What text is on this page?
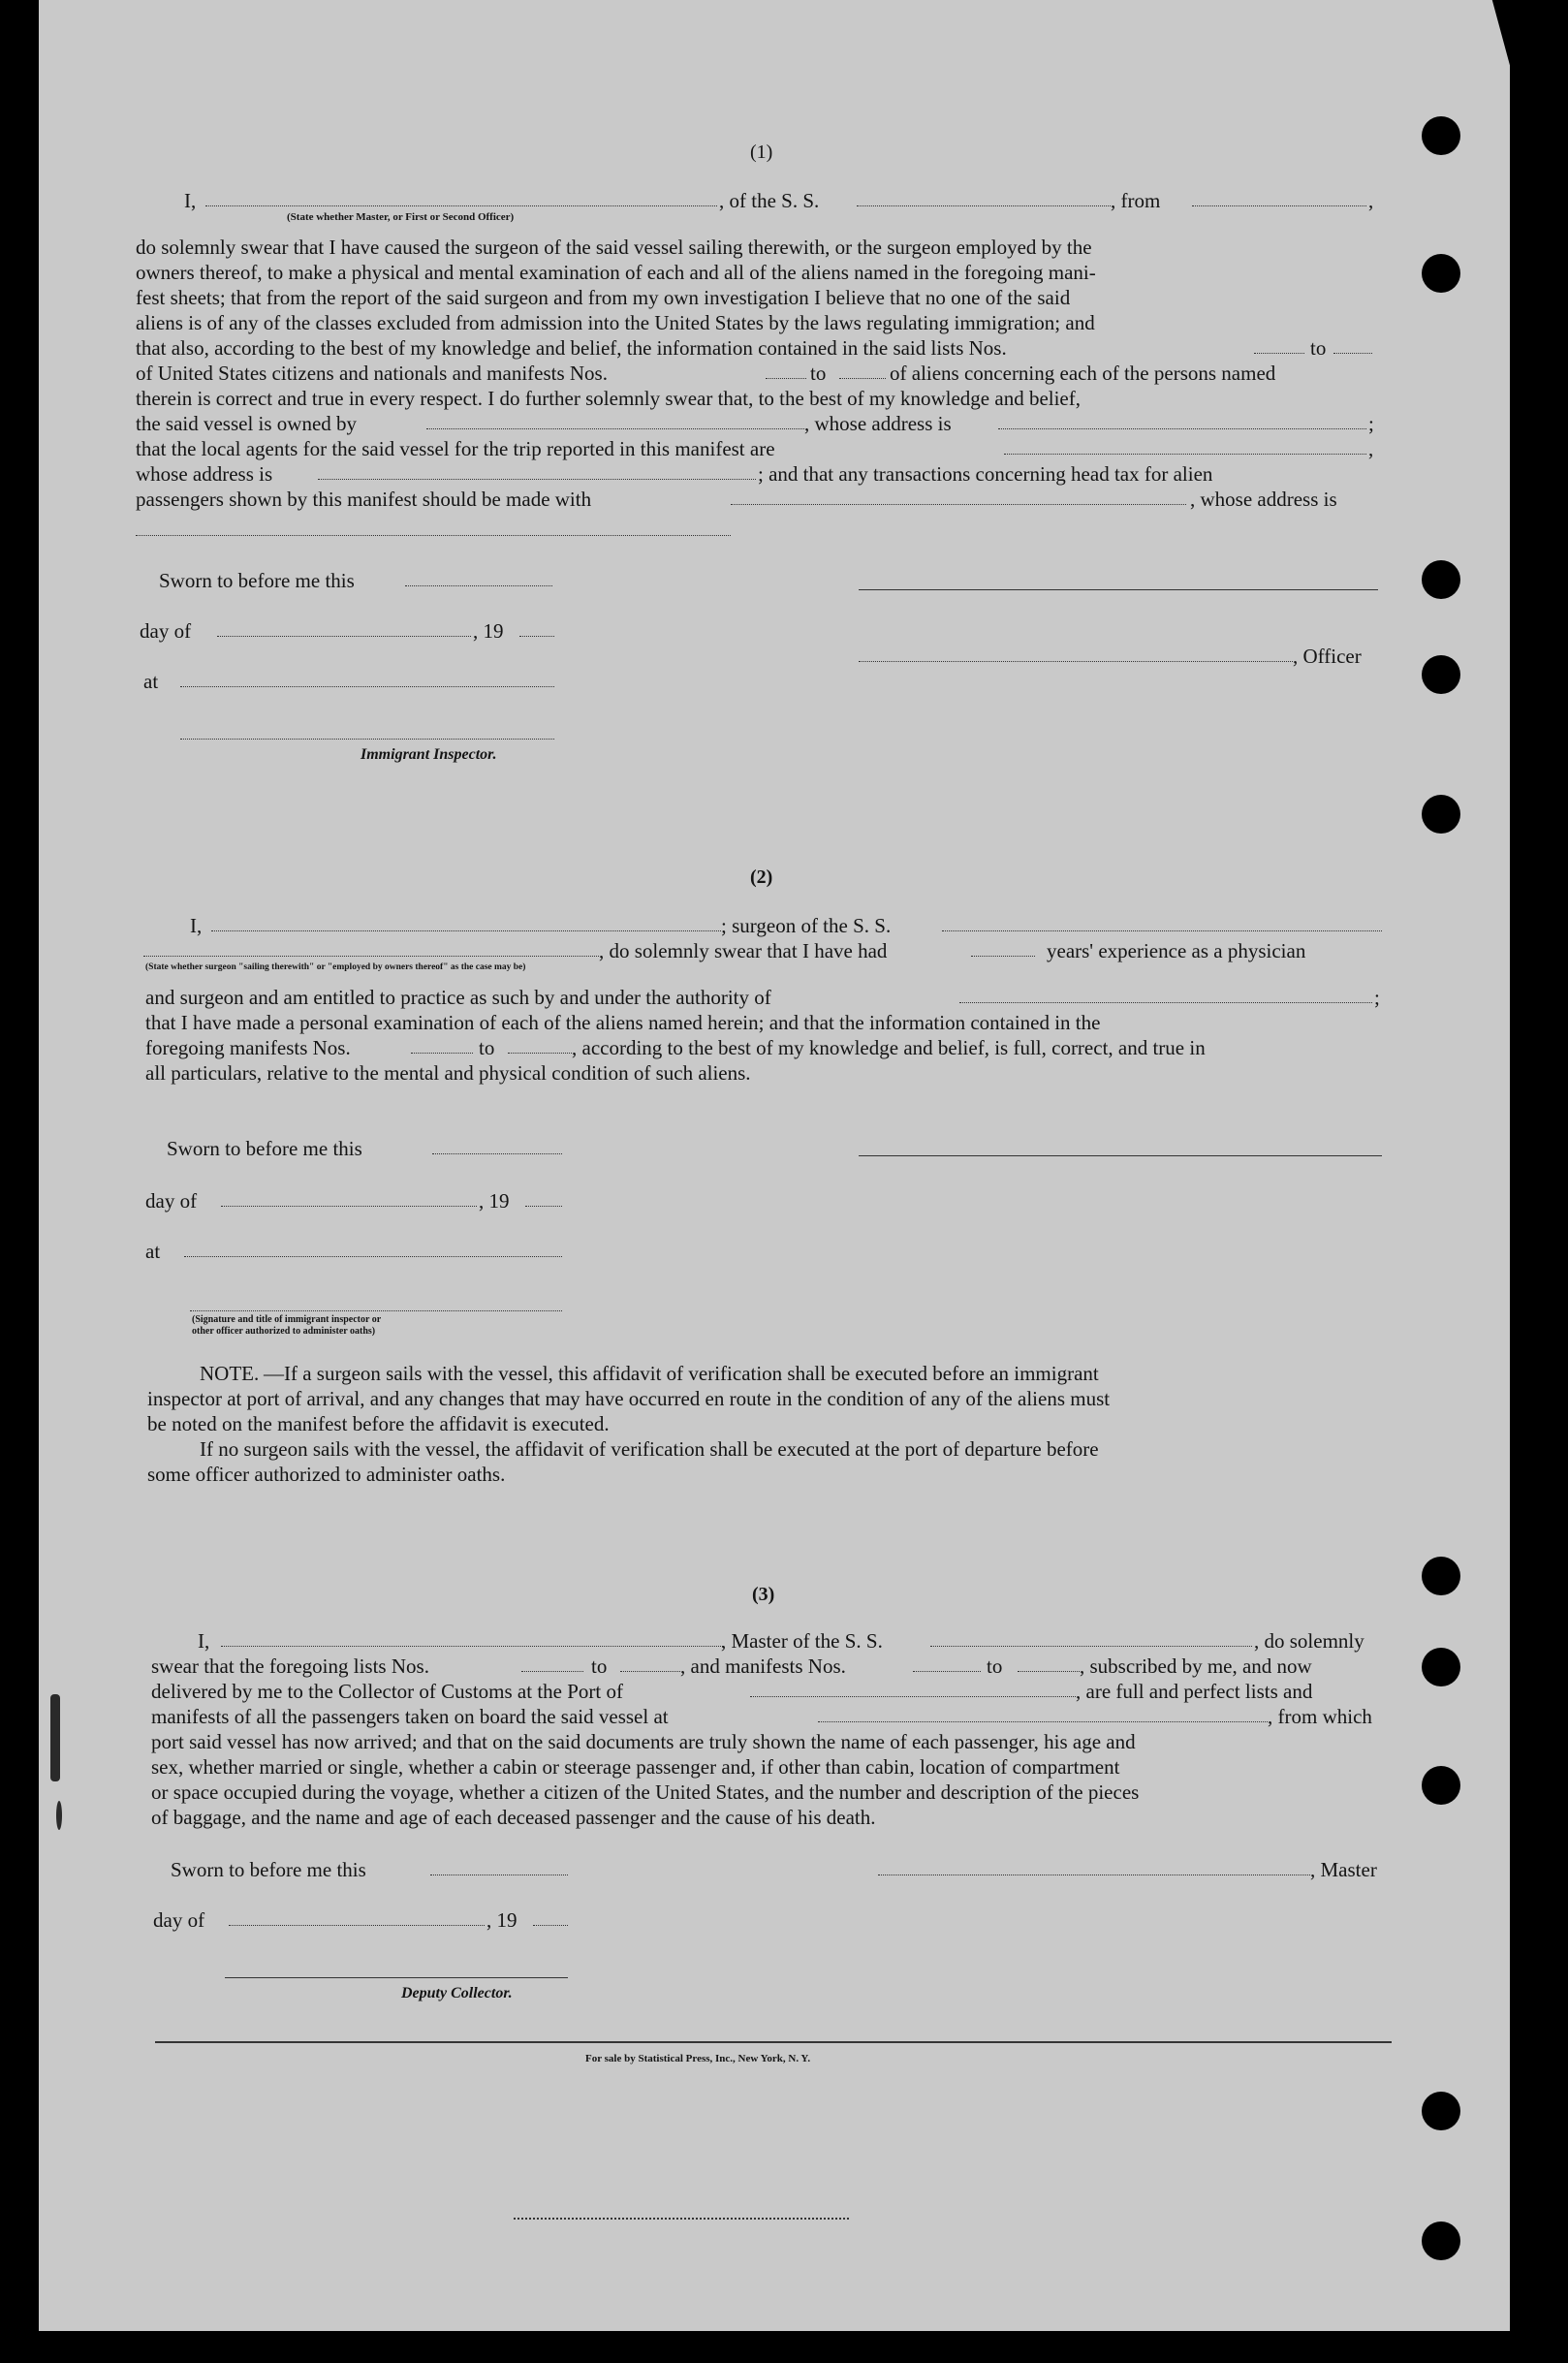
(1)
I,
(State whether Master, or First or Second Officer)
, of the S. S.	, from	,
do solemnly swear that I have caused the surgeon of the said vessel sailing therewith, or the surgeon employed by the
owners thereof, to make a physical and mental examination of each and all of the aliens named in the foregoing mani-
fest sheets; that from the report of the said surgeon and from my own investigation I believe that no one of the said
aliens is of any of the classes excluded from admission into the United States by the laws regulating immigration; and
that also, according to the best of my knowledge and belief, the information contained in the said lists Nos.	to
of United States citizens and nationals and manifests Nos.	to	of aliens concerning each of the persons named
therein is correct and true in every respect. I do further solemnly swear that, to the best of my knowledge and belief,
the said vessel is owned by	, whose address is	;
that the local agents for the said vessel for the trip reported in this manifest are	,
whose address is	; and that any transactions concerning head tax for alien
passengers shown by this manifest should be made with	, whose address is
Sworn to before me this
day of	, 19
, Officer
at
Immigrant Inspector.
(2)
I,	; surgeon of the S. S.
, do solemnly swear that I have had	years' experience as a physician
(State whether surgeon "sailing therewith" or "employed by owners thereof" as the case may be)
and surgeon and am entitled to practice as such by and under the authority of	;
that I have made a personal examination of each of the aliens named herein; and that the information contained in the
foregoing manifests Nos.	to	, according to the best of my knowledge and belief, is full, correct, and true in
all particulars, relative to the mental and physical condition of such aliens.
Sworn to before me this
day of	, 19
at
(Signature and title of immigrant inspector or
other officer authorized to administer oaths)
NOTE. —If a surgeon sails with the vessel, this affidavit of verification shall be executed before an immigrant
inspector at port of arrival, and any changes that may have occurred en route in the condition of any of the aliens must
be noted on the manifest before the affidavit is executed.
If no surgeon sails with the vessel, the affidavit of verification shall be executed at the port of departure before
some officer authorized to administer oaths.
(3)
I,	, Master of the S. S.	, do solemnly
swear that the foregoing lists Nos.	to	, and manifests Nos.	to	, subscribed by me, and now
delivered by me to the Collector of Customs at the Port of	, are full and perfect lists and
manifests of all the passengers taken on board the said vessel at	, from which
port said vessel has now arrived; and that on the said documents are truly shown the name of each passenger, his age and
sex, whether married or single, whether a cabin or steerage passenger and, if other than cabin, location of compartment
or space occupied during the voyage, whether a citizen of the United States, and the number and description of the pieces
of baggage, and the name and age of each deceased passenger and the cause of his death.
Sworn to before me this	, Master
day of	, 19
Deputy Collector.
For sale by Statistical Press, Inc., New York, N. Y.
